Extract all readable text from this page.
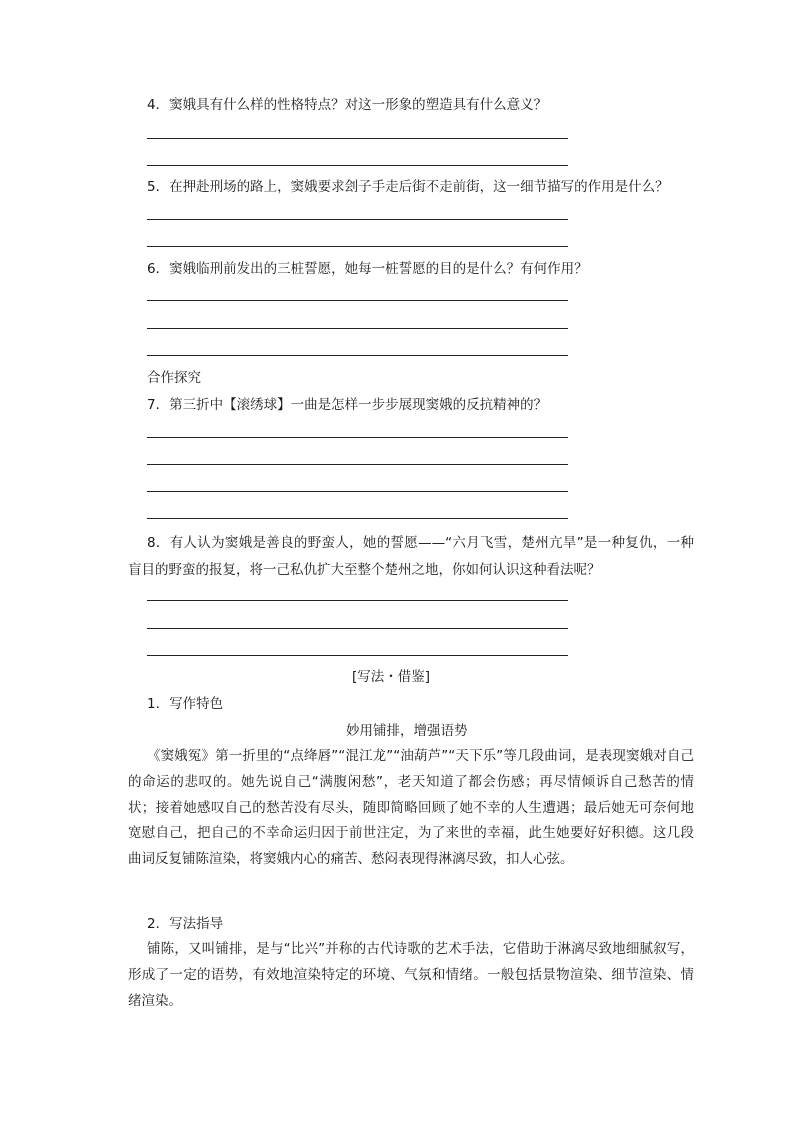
4．窦娥具有什么样的性格特点？对这一形象的塑造具有什么意义？
5．在押赴刑场的路上，窦娥要求刽子手走后街不走前街，这一细节描写的作用是什么？
6．窦娥临刑前发出的三桩誓愿，她每一桩誓愿的目的是什么？有何作用？
合作探究
7．第三折中【滚绣球】一曲是怎样一步步展现窦娥的反抗精神的？
8．有人认为窦娥是善良的野蛮人，她的誓愿——“六月飞雪，楚州亢旱”是一种复仇，一种盲目的野蛮的报复，将一己私仇扩大至整个楚州之地，你如何认识这种看法呢？
[写法・借鉴]
1．写作特色
妙用铺排，增强语势
《窦娥冤》第一折里的“点绛唇”“混江龙”“油葫芦”“天下乐”等几段曲词，是表现窦娥对自己的命运的悲叹的。她先说自己“满腹闲愁”，老天知道了都会伤感；再尽情倾诉自己愁苦的情状；接着她感叹自己的愁苦没有尽头，随即简略回顾了她不幸的人生遭遇；最后她无可奈何地宽慰自己，把自己的不幸命运归因于前世注定，为了来世的幸福，此生她要好好积德。这几段曲词反复铺陈渲染，将窦娥内心的痛苦、愁闷表现得淋漓尽致，扣人心弦。
2．写法指导
铺陈，又叫铺排，是与“比兴”并称的古代诗歌的艺术手法，它借助于淋漓尽致地细腻叙写，形成了一定的语势，有效地渲染特定的环境、气氛和情绪。一般包括景物渲染、细节渲染、情绪渲染。
